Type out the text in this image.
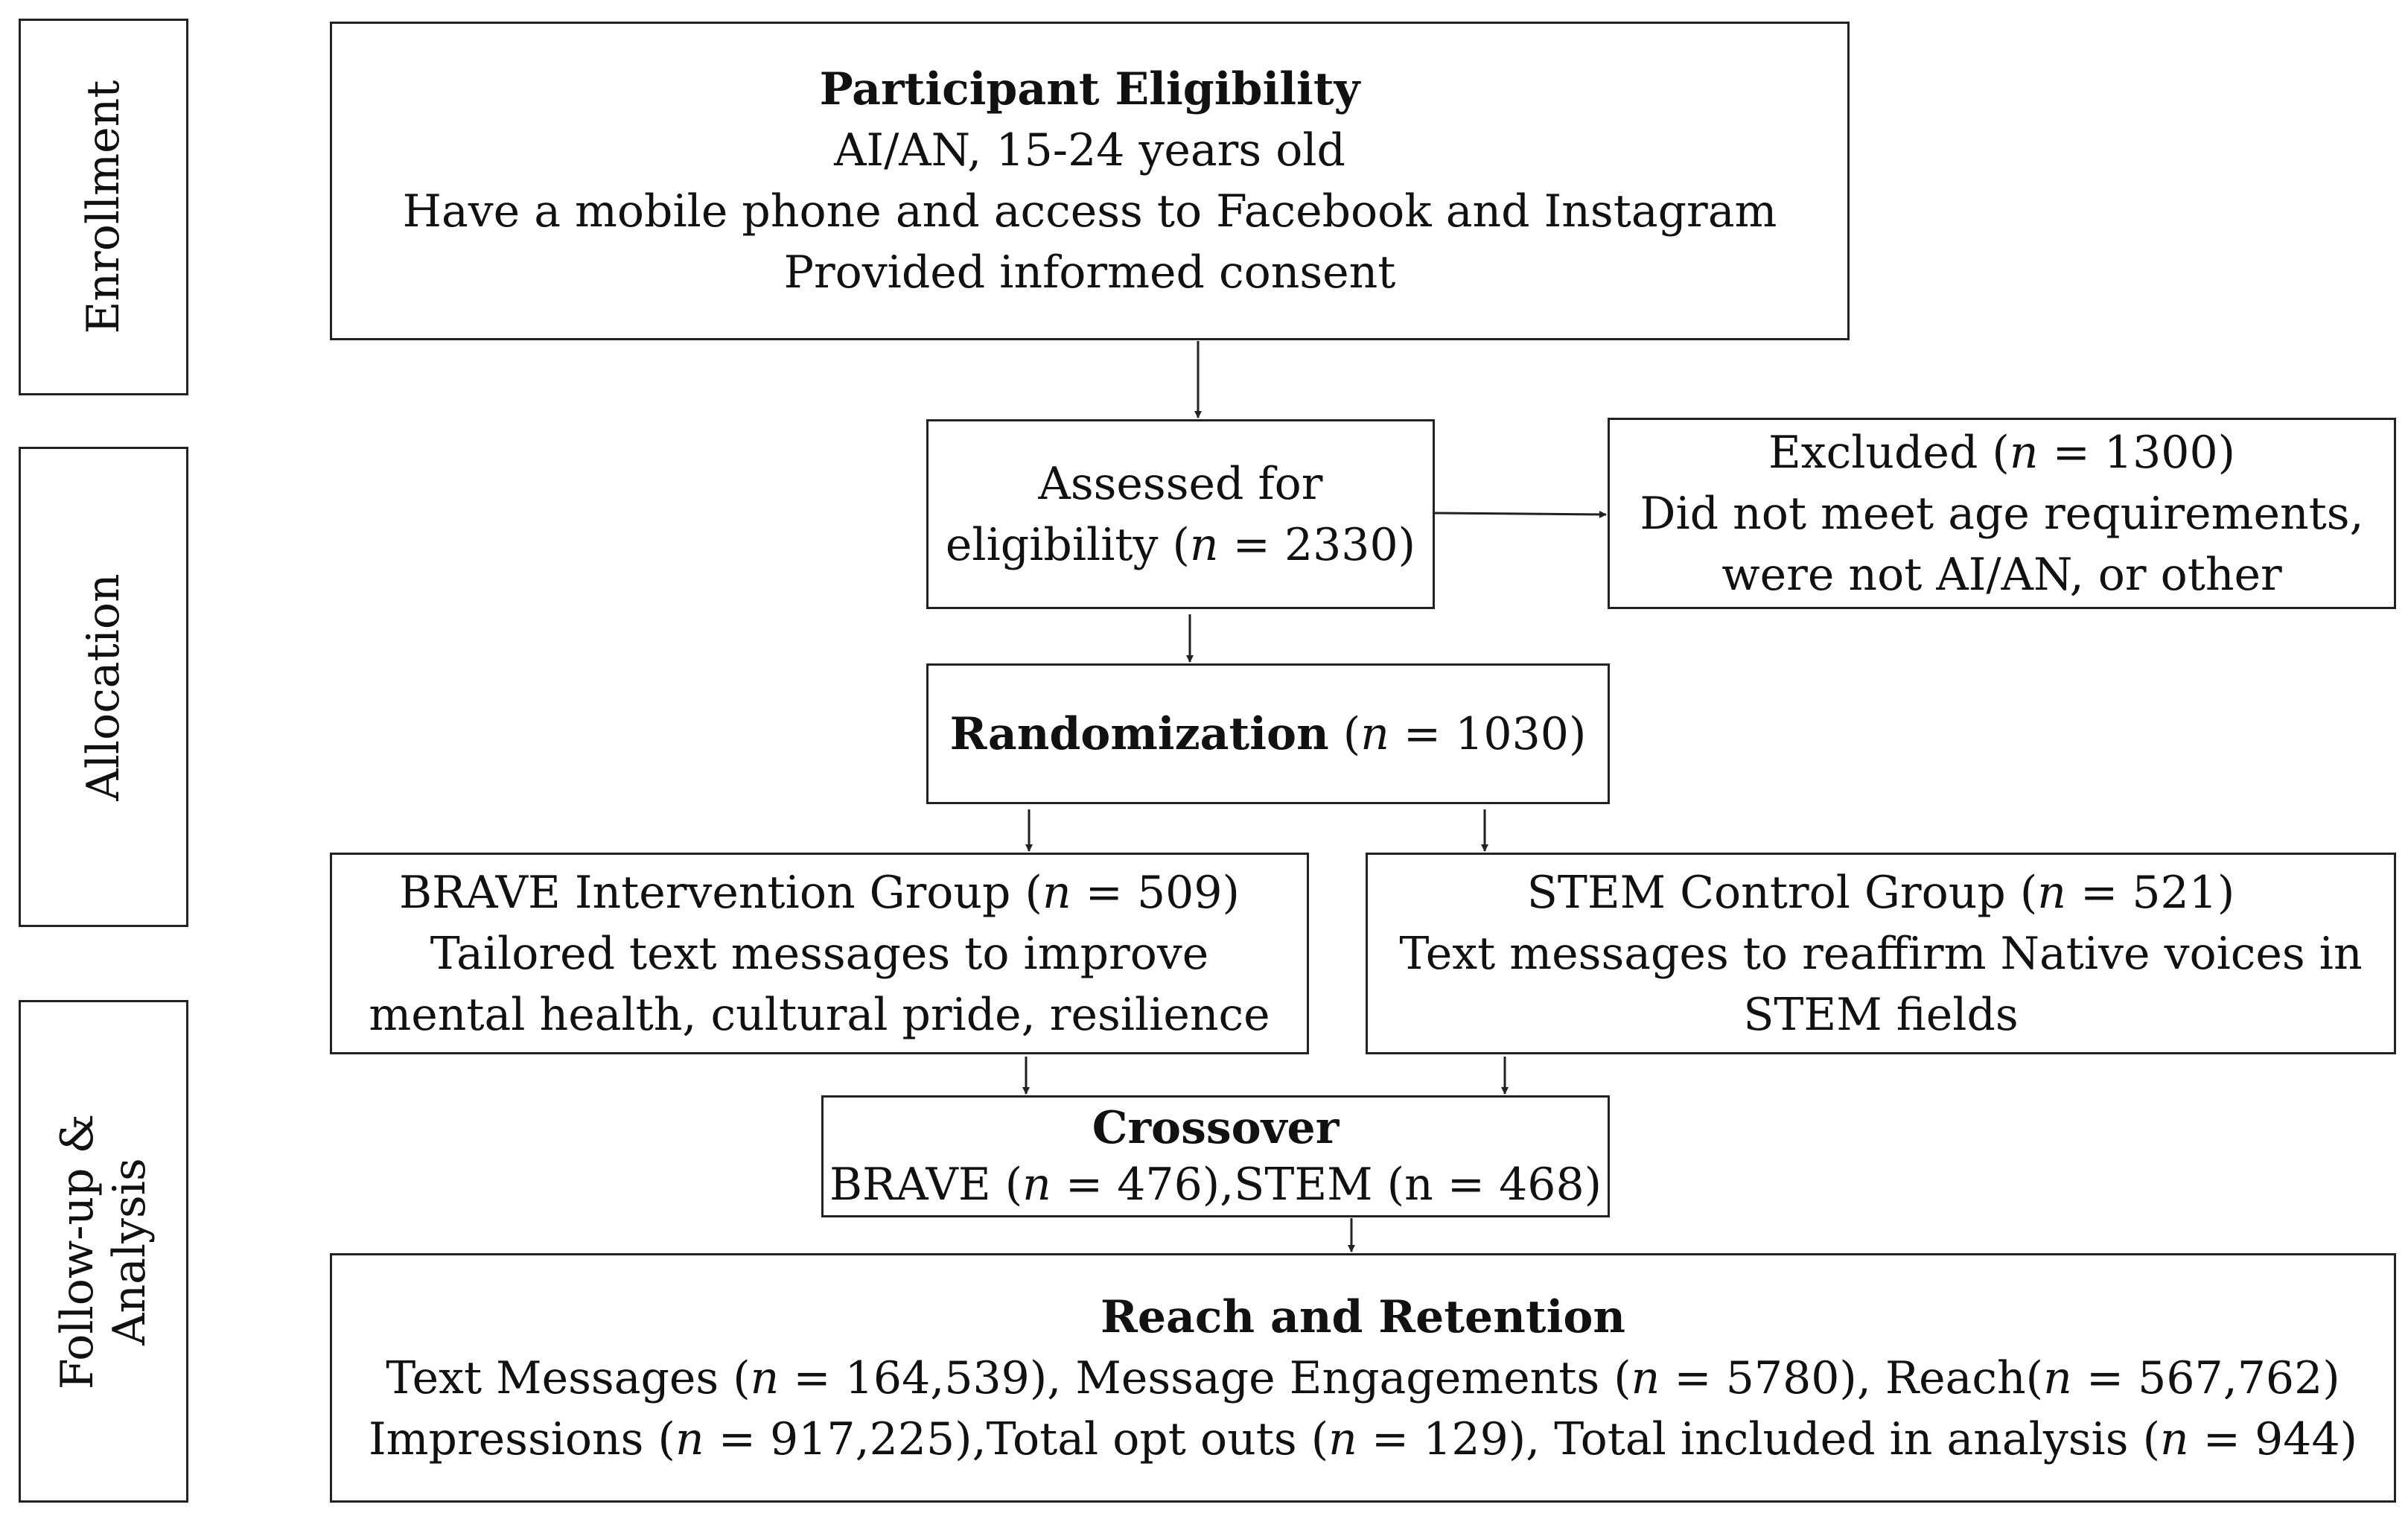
Enrollment
Allocation
Follow-up & Analysis
Participant Eligibility
AI/AN, 15-24 years old
Have a mobile phone and access to Facebook and Instagram
Provided informed consent
Assessed for
eligibility (n = 2330)
Excluded (n = 1300)
Did not meet age requirements,
were not AI/AN, or other
Randomization (n = 1030)
BRAVE Intervention Group (n = 509)
Tailored text messages to improve
mental health, cultural pride, resilience
STEM Control Group (n = 521)
Text messages to reaffirm Native voices in
STEM fields
Crossover
BRAVE (n = 476),STEM (n = 468)
Reach and Retention
Text Messages (n = 164,539), Message Engagements (n = 5780), Reach(n = 567,762)
Impressions (n = 917,225),Total opt outs (n = 129), Total included in analysis (n = 944)
